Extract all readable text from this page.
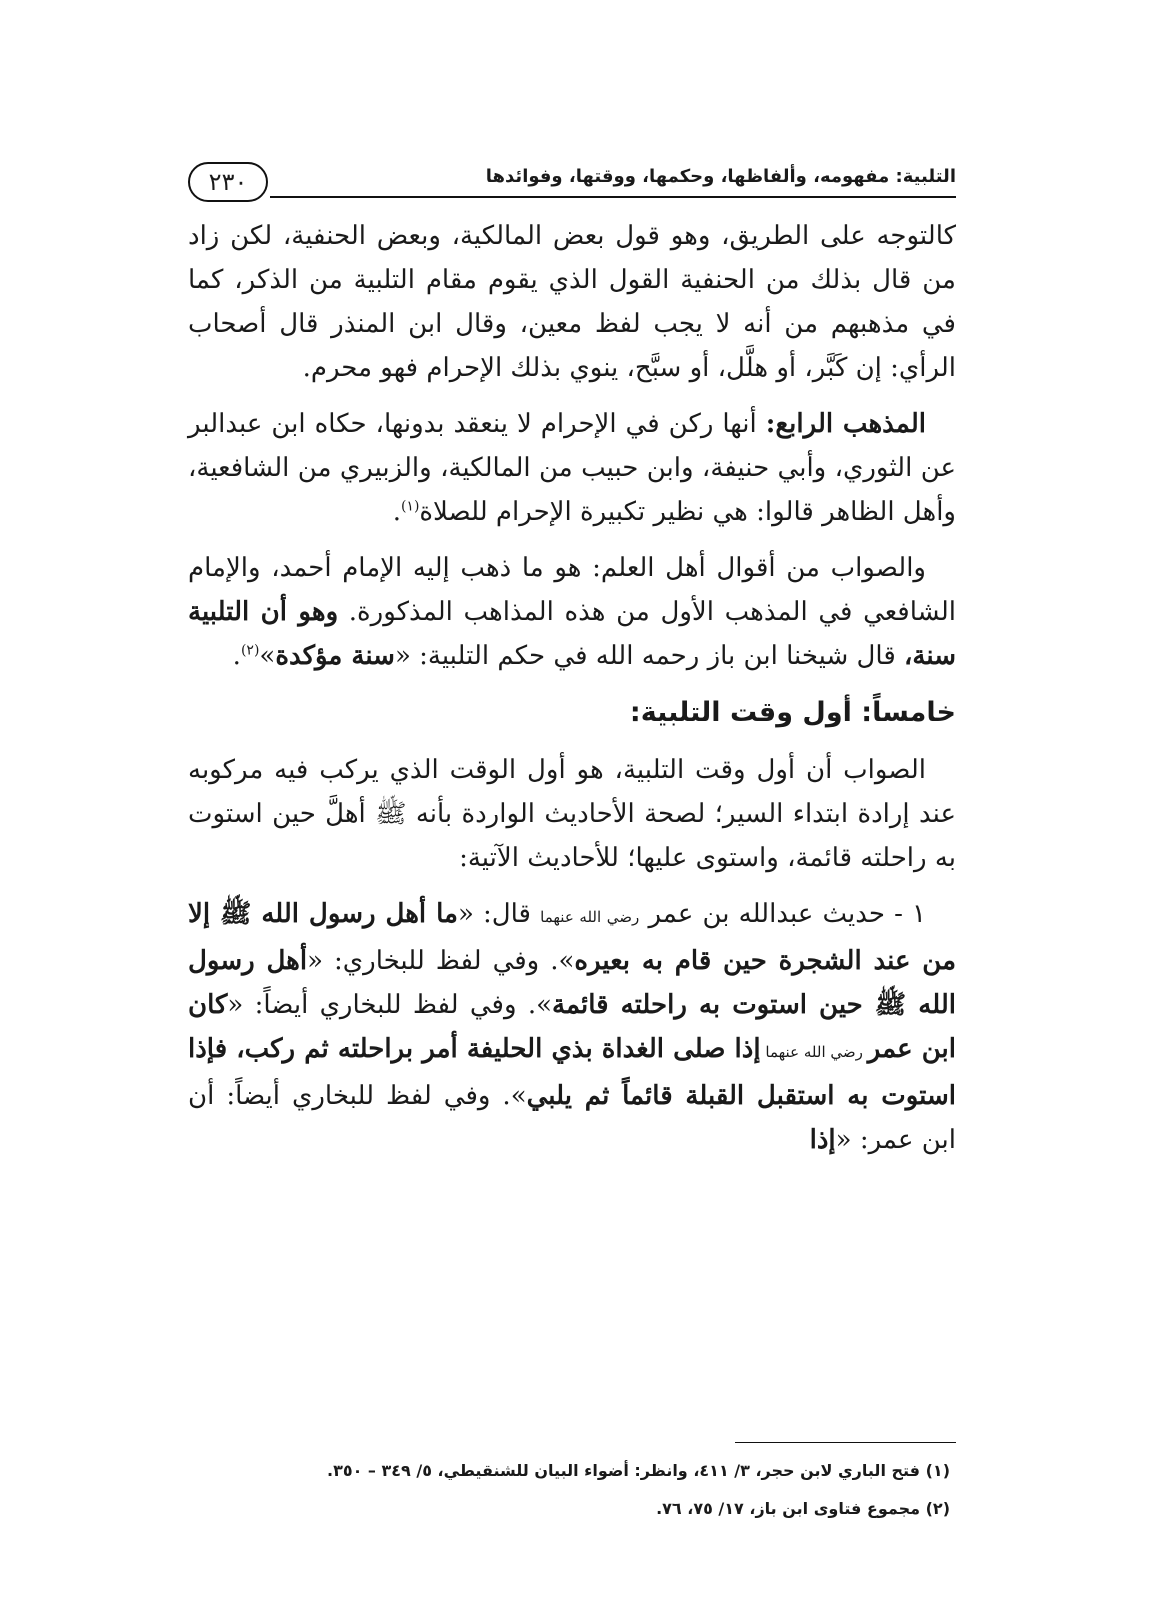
التلبية: مفهومه، وألفاظها، وحكمها، ووقتها، وفوائدها
٢٣٠

كالتوجه على الطريق، وهو قول بعض المالكية، وبعض الحنفية، لكن زاد من قال بذلك من الحنفية القول الذي يقوم مقام التلبية من الذكر، كما في مذهبهم من أنه لا يجب لفظ معين، وقال ابن المنذر قال أصحاب الرأي: إن كَبَّر، أو هلَّل، أو سبَّح، ينوي بذلك الإحرام فهو محرم.

المذهب الرابع: أنها ركن في الإحرام لا ينعقد بدونها، حكاه ابن عبدالبر عن الثوري، وأبي حنيفة، وابن حبيب من المالكية، والزبيري من الشافعية، وأهل الظاهر قالوا: هي نظير تكبيرة الإحرام للصلاة$^{(١)}$.

والصواب من أقوال أهل العلم: هو ما ذهب إليه الإمام أحمد، والإمام الشافعي في المذهب الأول من هذه المذاهب المذكورة. وهو أن التلبية سنة، قال شيخنا ابن باز رحمه الله في حكم التلبية: «سنة مؤكدة»$^{(٢)}$.

خامساً: أول وقت التلبية:

الصواب أن أول وقت التلبية، هو أول الوقت الذي يركب فيه مركوبه عند إرادة ابتداء السير؛ لصحة الأحاديث الواردة بأنه ﷺ أهلَّ حين استوت به راحلته قائمة، واستوى عليها؛ للأحاديث الآتية:

١ - حديث عبدالله بن عمر رضي الله عنهما قال: «ما أهل رسول الله ﷺ إلا من عند الشجرة حين قام به بعيره». وفي لفظ للبخاري: «أهل رسول الله ﷺ حين استوت به راحلته قائمة». وفي لفظ للبخاري أيضاً: «كان ابن عمر رضي الله عنهما إذا صلى الغداة بذي الحليفة أمر براحلته ثم ركب، فإذا استوت به استقبل القبلة قائماً ثم يلبي». وفي لفظ للبخاري أيضاً: أن ابن عمر: «إذا

(١) فتح الباري لابن حجر، ٣/ ٤١١، وانظر: أضواء البيان للشنقيطي، ٥/ ٣٤٩ – ٣٥٠.

(٢) مجموع فتاوى ابن باز، ١٧/ ٧٥، ٧٦.
